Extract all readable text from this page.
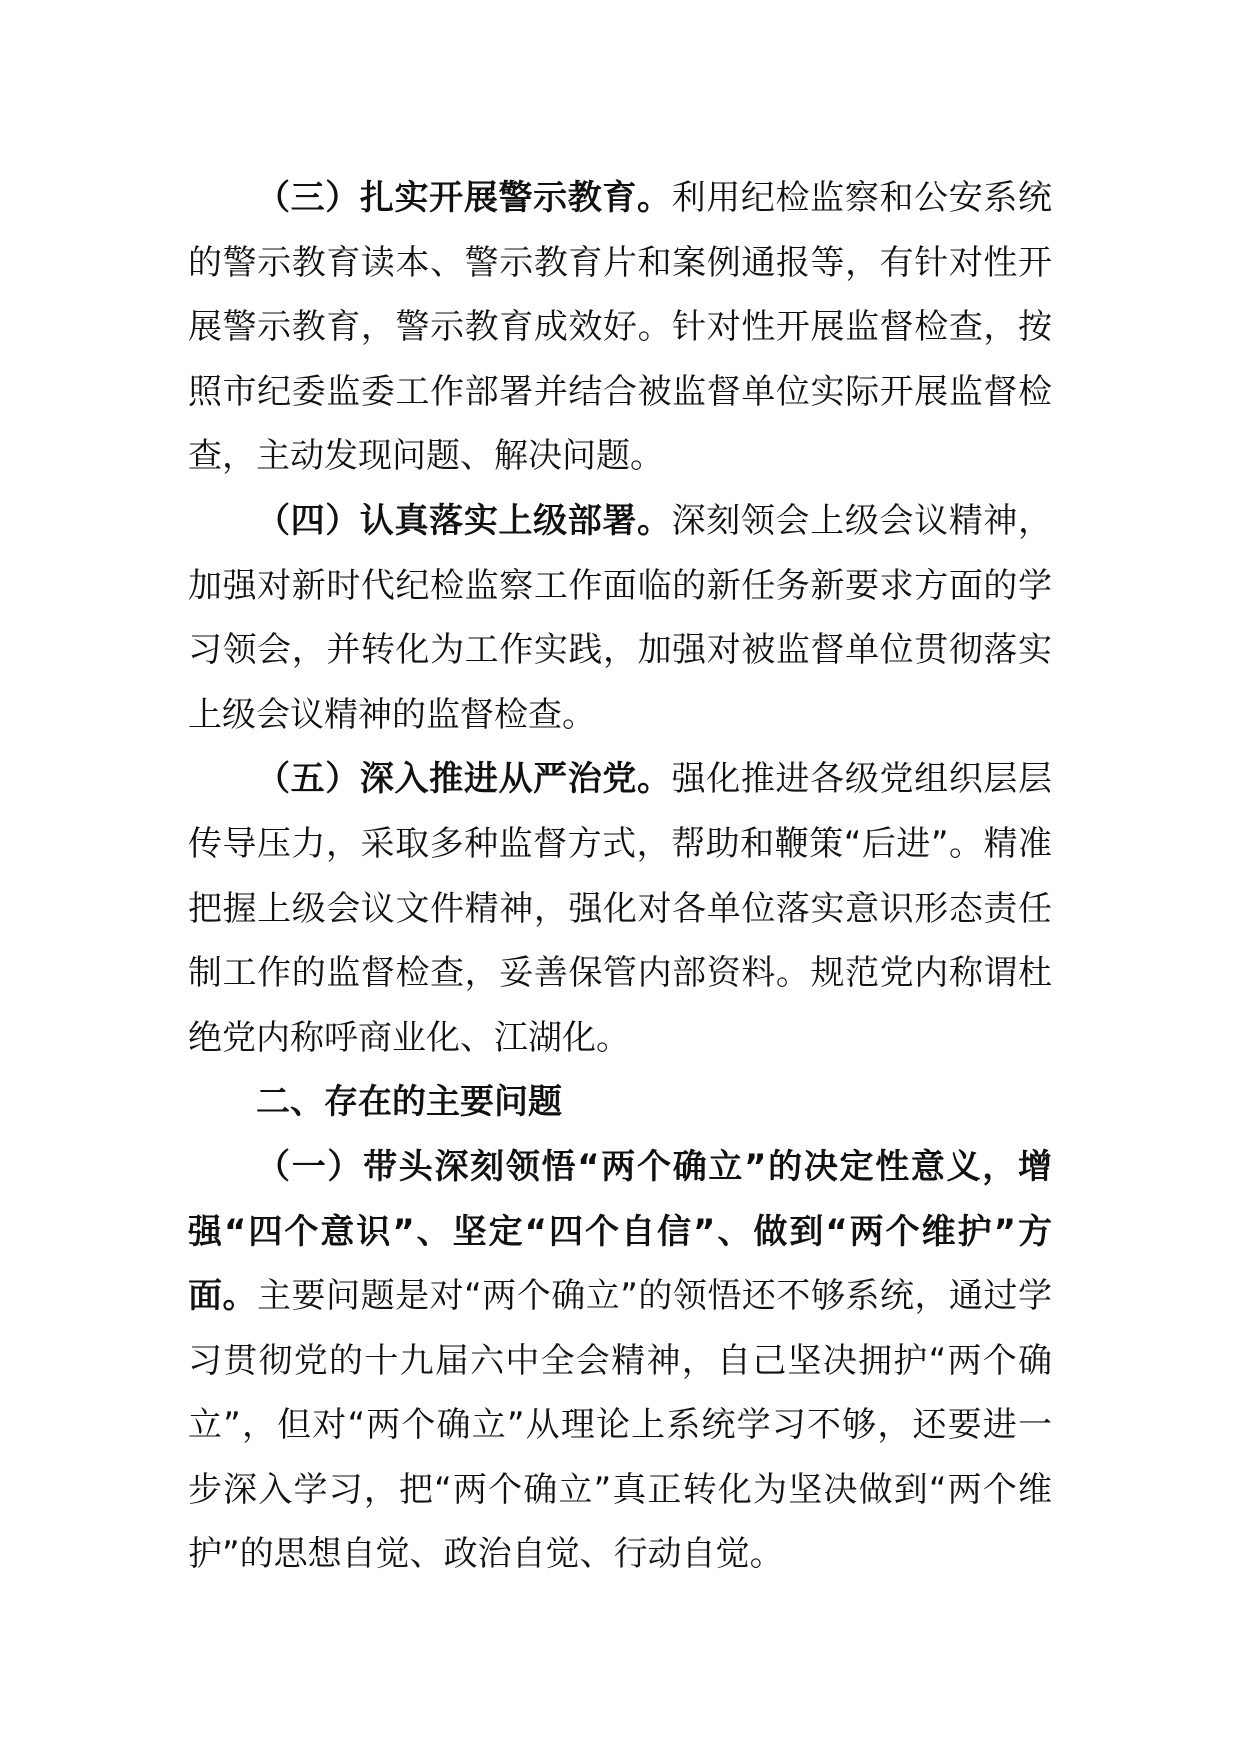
（三）扎实开展警示教育。利用纪检监察和公安系统的警示教育读本、警示教育片和案例通报等，有针对性开展警示教育，警示教育成效好。针对性开展监督检查，按照市纪委监委工作部署并结合被监督单位实际开展监督检查，主动发现问题、解决问题。

（四）认真落实上级部署。深刻领会上级会议精神，加强对新时代纪检监察工作面临的新任务新要求方面的学习领会，并转化为工作实践，加强对被监督单位贯彻落实上级会议精神的监督检查。

（五）深入推进从严治党。强化推进各级党组织层层传导压力，采取多种监督方式，帮助和鞭策“后进”。精准把握上级会议文件精神，强化对各单位落实意识形态责任制工作的监督检查，妥善保管内部资料。规范党内称谓杜绝党内称呼商业化、江湖化。

二、存在的主要问题

（一）带头深刻领悟“两个确立”的决定性意义，增强“四个意识”、坚定“四个自信”、做到“两个维护”方面。主要问题是对“两个确立”的领悟还不够系统，通过学习贯彻党的十九届六中全会精神，自己坚决拥护“两个确立”，但对“两个确立”从理论上系统学习不够，还要进一步深入学习，把“两个确立”真正转化为坚决做到“两个维护”的思想自觉、政治自觉、行动自觉。
